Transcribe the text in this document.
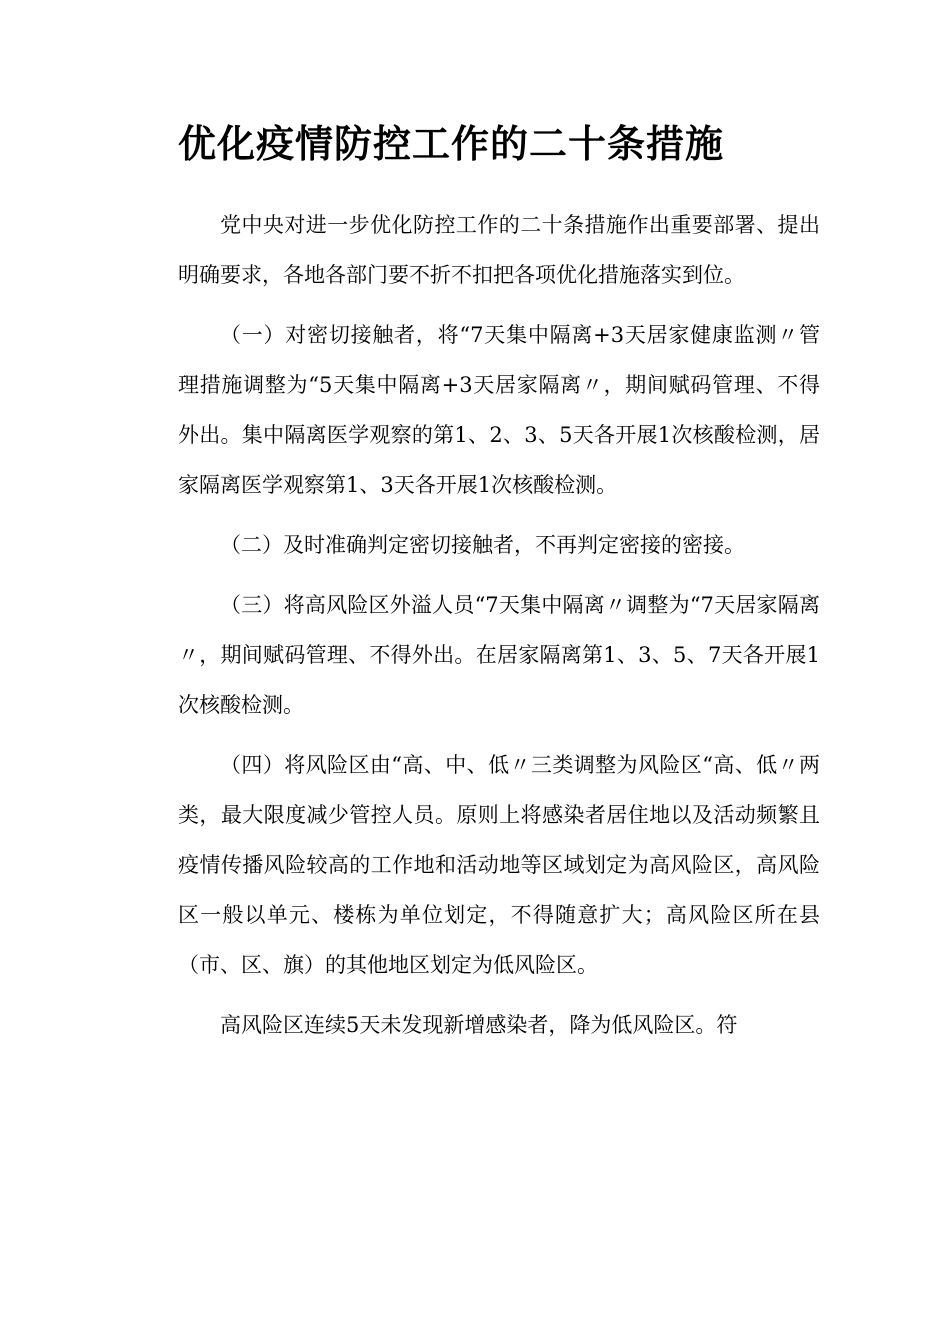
优化疫情防控工作的二十条措施

党中央对进一步优化防控工作的二十条措施作出重要部署、提出明确要求，各地各部门要不折不扣把各项优化措施落实到位。

（一）对密切接触者，将“7天集中隔离+3天居家健康监测〃管理措施调整为“5天集中隔离+3天居家隔离〃，期间赋码管理、不得外出。集中隔离医学观察的第1、2、3、5天各开展1次核酸检测，居家隔离医学观察第1、3天各开展1次核酸检测。

（二）及时准确判定密切接触者，不再判定密接的密接。

（三）将高风险区外溢人员“7天集中隔离〃调整为“7天居家隔离〃，期间赋码管理、不得外出。在居家隔离第1、3、5、7天各开展1次核酸检测。

（四）将风险区由“高、中、低〃三类调整为风险区“高、低〃两类，最大限度减少管控人员。原则上将感染者居住地以及活动频繁且疫情传播风险较高的工作地和活动地等区域划定为高风险区，高风险区一般以单元、楼栋为单位划定，不得随意扩大；高风险区所在县（市、区、旗）的其他地区划定为低风险区。

高风险区连续5天未发现新增感染者，降为低风险区。符
